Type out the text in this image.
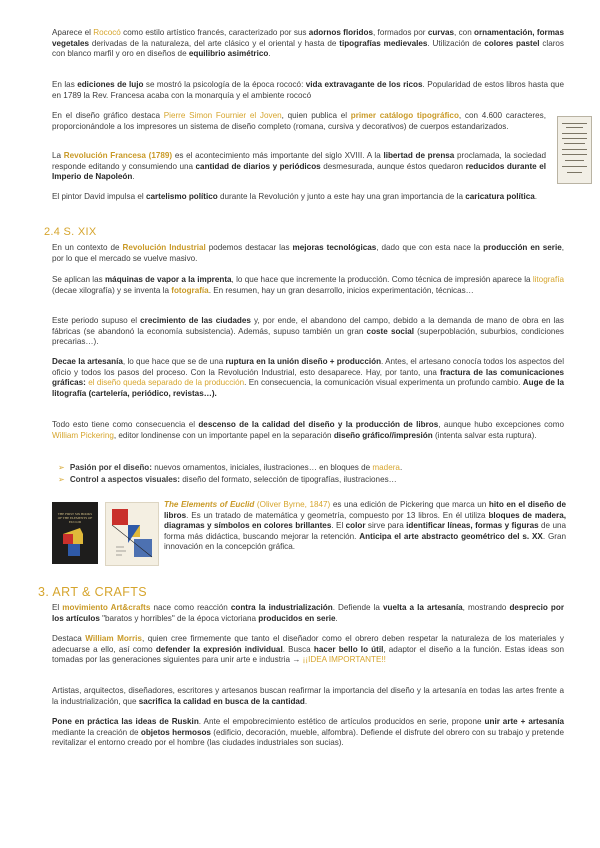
Aparece el Rococó como estilo artístico francés, caracterizado por sus adornos floridos, formados por curvas, con ornamentación, formas vegetales derivadas de la naturaleza, del arte clásico y el oriental y hasta de tipografías medievales. Utilización de colores pastel claros con blanco marfil y oro en diseños de equilibrio asimétrico.

En las ediciones de lujo se mostró la psicología de la época rococó: vida extravagante de los ricos. Popularidad de estos libros hasta que en 1789 la Rev. Francesa acaba con la monarquía y el ambiente rococó

En el diseño gráfico destaca Pierre Simon Fournier el Joven, quien publica el primer catálogo tipográfico, con 4.600 caracteres, proporcionándole a los impresores un sistema de diseño completo (romana, cursiva y decorativos) de cuerpos estandarizados.

La Revolución Francesa (1789) es el acontecimiento más importante del siglo XVIII. A la libertad de prensa proclamada, la sociedad responde editando y consumiendo una cantidad de diarios y periódicos desmesurada, aunque éstos quedaron reducidos durante el Imperio de Napoleón.

El pintor David impulsa el cartelismo político durante la Revolución y junto a este hay una gran importancia de la caricatura política.

2.4 S. XIX

En un contexto de Revolución Industrial podemos destacar las mejoras tecnológicas, dado que con esta nace la producción en serie, por lo que el mercado se vuelve masivo.

Se aplican las máquinas de vapor a la imprenta, lo que hace que incremente la producción. Como técnica de impresión aparece la litografía (decae xilografía) y se inventa la fotografía. En resumen, hay un gran desarrollo, inicios experimentación, técnicas…

Este periodo supuso el crecimiento de las ciudades y, por ende, el abandono del campo, debido a la demanda de mano de obra en las fábricas (se abandonó la economía subsistencia). Además, supuso también un gran coste social (superpoblación, suburbios, condiciones precarias…).

Decae la artesanía, lo que hace que se de una ruptura en la unión diseño + producción. Antes, el artesano conocía todos los aspectos del oficio y todos los pasos del proceso. Con la Revolución Industrial, esto desaparece. Hay, por tanto, una fractura de las comunicaciones gráficas: el diseño queda separado de la producción. En consecuencia, la comunicación visual experimenta un profundo cambio. Auge de la litografía (cartelería, periódico, revistas…).

Todo esto tiene como consecuencia el descenso de la calidad del diseño y la producción de libros, aunque hubo excepciones como William Pickering, editor londinense con un importante papel en la separación diseño gráfico//impresión (intenta salvar esta ruptura).

➢ Pasión por el diseño: nuevos ornamentos, iniciales, ilustraciones… en bloques de madera.
➢ Control a aspectos visuales: diseño del formato, selección de tipografías, ilustraciones…
THE FIRST SIX BOOKS OF THE ELEMENTS OF EUCLID

The Elements of Euclid (Oliver Byrne, 1847) es una edición de Pickering que marca un hito en el diseño de libros. Es un tratado de matemática y geometría, compuesto por 13 libros. En él utiliza bloques de madera, diagramas y símbolos en colores brillantes. El color sirve para identificar líneas, formas y figuras de una forma más didáctica, buscando mejorar la retención. Anticipa el arte abstracto geométrico del s. XX. Gran innovación en la concepción gráfica.

3. ART & CRAFTS

El movimiento Art&crafts nace como reacción contra la industrialización. Defiende la vuelta a la artesanía, mostrando desprecio por los artículos "baratos y horribles" de la época victoriana producidos en serie.

Destaca William Morris, quien cree firmemente que tanto el diseñador como el obrero deben respetar la naturaleza de los materiales y adecuarse a ello, así como defender la expresión individual. Busca hacer bello lo útil, adaptor el diseño a la función. Estas ideas son tomadas por las generaciones siguientes para unir arte e industria → ¡¡IDEA IMPORTANTE!!

Artistas, arquitectos, diseñadores, escritores y artesanos buscan reafirmar la importancia del diseño y la artesanía en todas las artes frente a la industrialización, que sacrifica la calidad en busca de la cantidad.

Pone en práctica las ideas de Ruskin. Ante el empobrecimiento estético de artículos producidos en serie, propone unir arte + artesanía mediante la creación de objetos hermosos (edificio, decoración, mueble, alfombra). Defiende el disfrute del obrero con su trabajo y pretende revitalizar el entorno creado por el hombre (las ciudades industriales son sucias).
